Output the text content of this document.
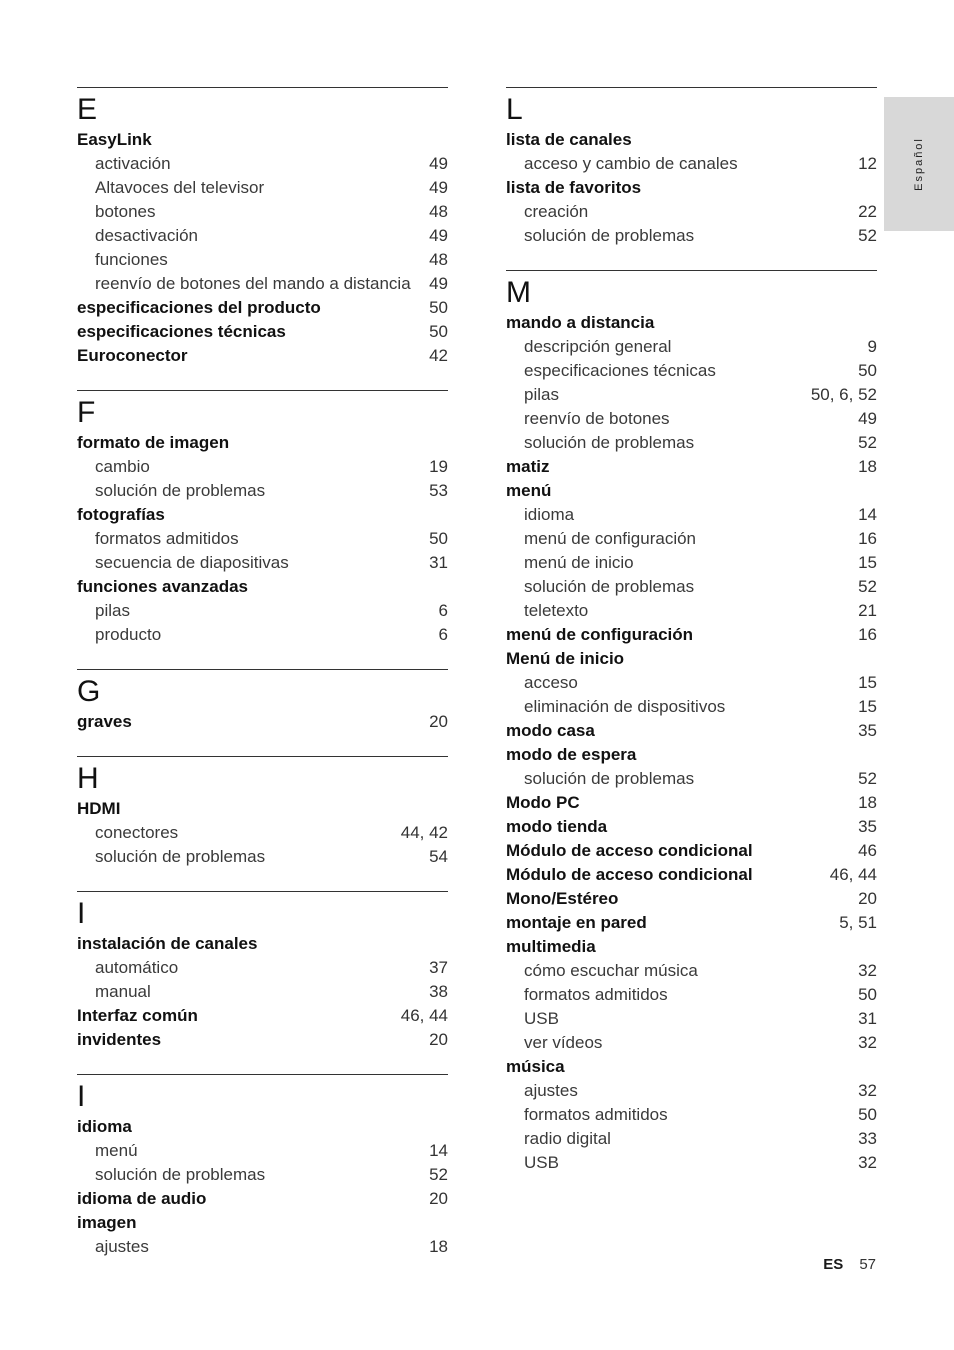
E
EasyLink
activación	49
Altavoces del televisor	49
botones	48
desactivación	49
funciones	48
reenvío de botones del mando a distancia 49
especificaciones del producto	50
especificaciones técnicas	50
Euroconector	42
F
formato de imagen
cambio	19
solución de problemas	53
fotografías
formatos admitidos	50
secuencia de diapositivas	31
funciones avanzadas
pilas	6
producto	6
G
graves	20
H
HDMI
conectores	44, 42
solución de problemas	54
I
instalación de canales
automático	37
manual	38
Interfaz común	46, 44
invidentes	20
I
idioma
menú	14
solución de problemas	52
idioma de audio	20
imagen
ajustes	18
L
lista de canales
acceso y cambio de canales	12
lista de favoritos
creación	22
solución de problemas	52
M
mando a distancia
descripción general	9
especificaciones técnicas	50
pilas	50, 6, 52
reenvío de botones	49
solución de problemas	52
matiz	18
menú
idioma	14
menú de configuración	16
menú de inicio	15
solución de problemas	52
teletexto	21
menú de configuración	16
Menú de inicio
acceso	15
eliminación de dispositivos	15
modo casa	35
modo de espera
solución de problemas	52
Modo PC	18
modo tienda	35
Módulo de acceso condicional	46
Módulo de acceso condicional	46, 44
Mono/Estéreo	20
montaje en pared	5, 51
multimedia
cómo escuchar música	32
formatos admitidos	50
USB	31
ver vídeos	32
música
ajustes	32
formatos admitidos	50
radio digital	33
USB	32
Español
ES 57
